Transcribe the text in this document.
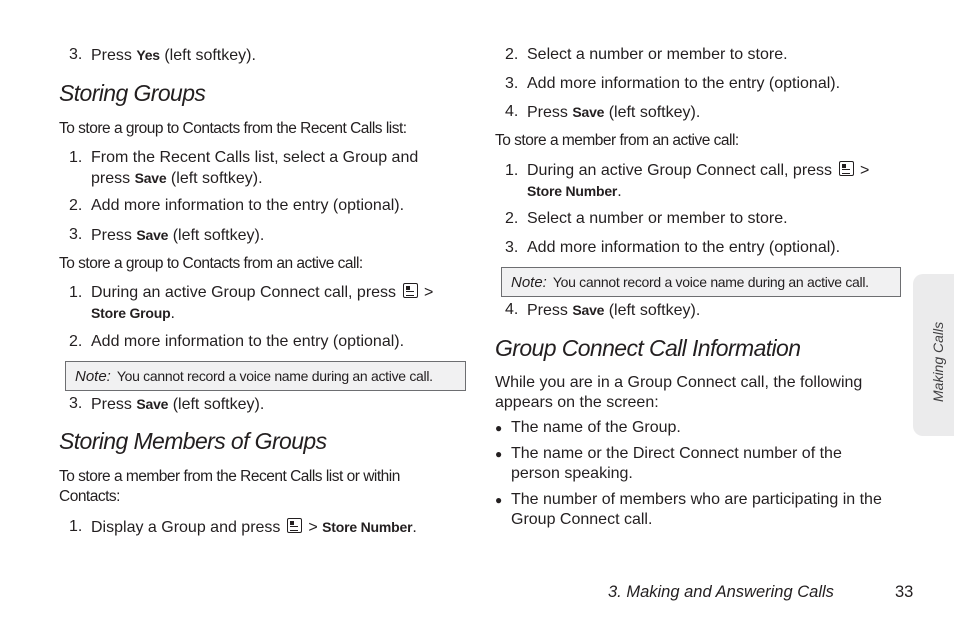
3. Press Yes (left softkey).
Storing Groups
To store a group to Contacts from the Recent Calls list:
1. From the Recent Calls list, select a Group and
press Save (left softkey).
2. Add more information to the entry (optional).
3. Press Save (left softkey).
To store a group to Contacts from an active call:
1. During an active Group Connect call, press >
Store Group.
2. Add more information to the entry (optional).
Note: You cannot record a voice name during an active call.
3. Press Save (left softkey).
Storing Members of Groups
To store a member from the Recent Calls list or within
Contacts:
1. Display a Group and press > Store Number.
2. Select a number or member to store.
3. Add more information to the entry (optional).
4. Press Save (left softkey).
To store a member from an active call:
1. During an active Group Connect call, press >
Store Number.
2. Select a number or member to store.
3. Add more information to the entry (optional).
Note: You cannot record a voice name during an active call.
4. Press Save (left softkey).
Group Connect Call Information
While you are in a Group Connect call, the following
appears on the screen:
● The name of the Group.
● The name or the Direct Connect number of the
person speaking.
● The number of members who are participating in the
Group Connect call.
Making Calls
3. Making and Answering Calls	33
